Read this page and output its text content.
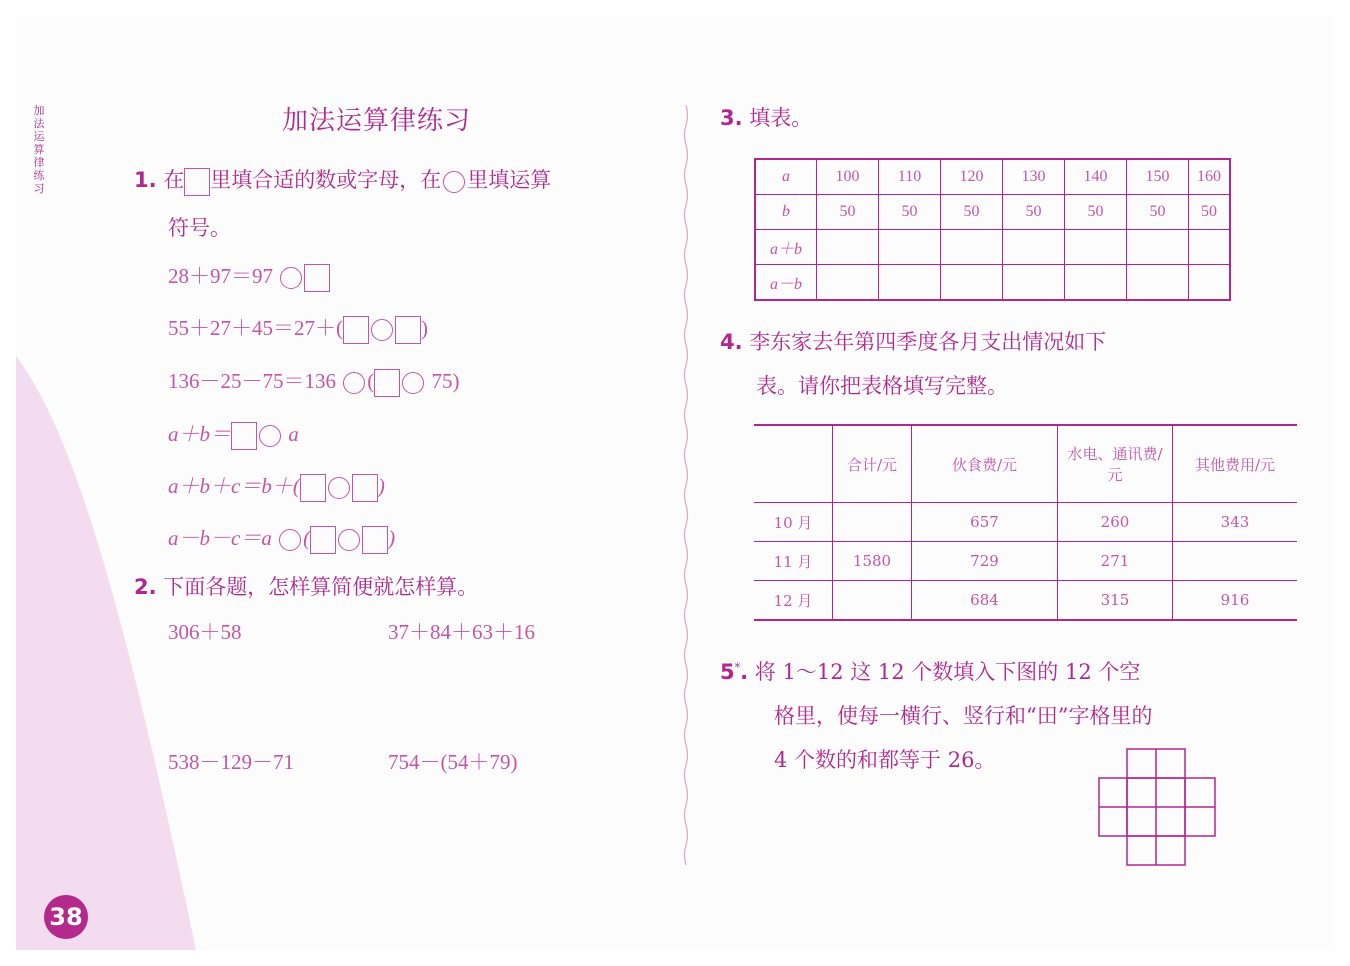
加法运算律练习
38
加法运算律练习
1. 在 里填合适的数或字母，在 里填运算
符号。
28＋97＝97
55＋27＋45＝27＋(	)
136－25－75＝136 (	75)
a＋b＝	a
a＋b＋c＝b＋(	)
a－b－c＝a (	)
2. 下面各题，怎样算简便就怎样算。
306＋58	37＋84＋63＋16
538－129－71	754－(54＋79)
3. 填表。
a	100	110	120	130	140	150	160
b	50	50	50	50	50	50	50
a＋b							
a－b							
4. 李东家去年第四季度各月支出情况如下
表。请你把表格填写完整。
	合计/元	伙食费/元	水电、通讯费/元	其他费用/元
10 月		657	260	343
11 月	1580	729	271	
12 月		684	315	916
5*. 将 1～12 这 12 个数填入下图的 12 个空
格里，使每一横行、竖行和“田”字格里的
4 个数的和都等于 26。
